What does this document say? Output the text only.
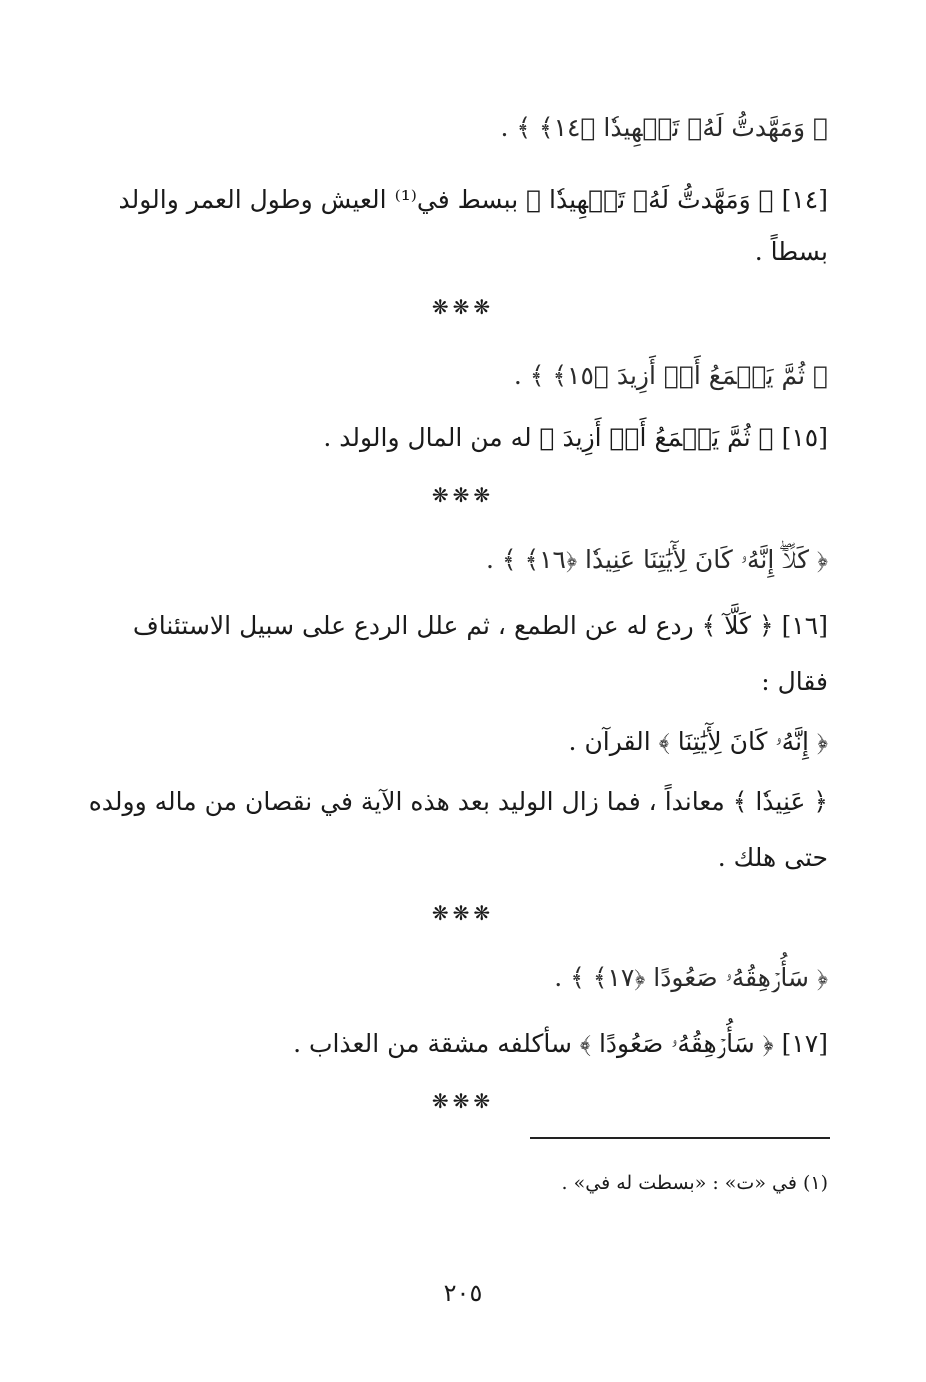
﴿ وَمَهَّدتُّ لَهُۥ تَمۡهِيدٗا ﴿١٤﴾ ﴾ .
[١٤] ﴿ وَمَهَّدتُّ لَهُۥ تَمۡهِيدٗا ﴾ ببسط في⁽¹⁾ العيش وطول العمر والولد
بسطاً .
❋❋❋
﴿ ثُمَّ يَطۡمَعُ أَنۡ أَزِيدَ ﴿١٥﴾ ﴾ .
[١٥] ﴿ ثُمَّ يَطۡمَعُ أَنۡ أَزِيدَ ﴾ له من المال والولد .
❋❋❋
﴿ كَلَّآۖ إِنَّهُۥ كَانَ لِأٓيَٰتِنَا عَنِيدٗا ﴿١٦﴾ ﴾ .
[١٦] ﴿ كَلَّآ ﴾ ردع له عن الطمع ، ثم علل الردع على سبيل الاستئناف
فقال :
﴿ إِنَّهُۥ كَانَ لِأٓيَٰتِنَا ﴾ القرآن .
﴿ عَنِيدٗا ﴾ معانداً ، فما زال الوليد بعد هذه الآية في نقصان من ماله وولده
حتى هلك .
❋❋❋
﴿ سَأُرۡهِقُهُۥ صَعُودًا ﴿١٧﴾ ﴾ .
[١٧] ﴿ سَأُرۡهِقُهُۥ صَعُودًا ﴾ سأكلفه مشقة من العذاب .
❋❋❋
(١) في «ت» : «بسطت له في» .
٢٠٥
